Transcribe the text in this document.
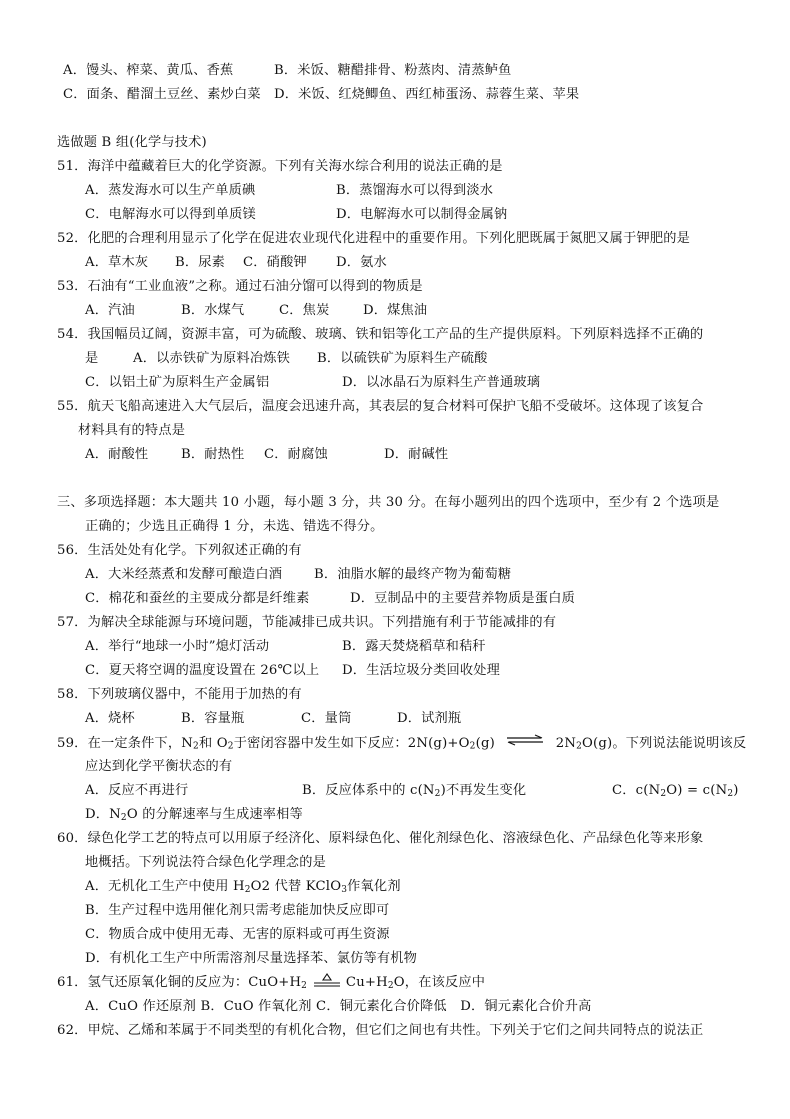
A．馒头、榨菜、黄瓜、香蕉	B．米饭、糖醋排骨、粉蒸肉、清蒸鲈鱼
C．面条、醋溜土豆丝、素炒白菜 D．米饭、红烧鲫鱼、西红柿蛋汤、蒜蓉生菜、苹果
选做题 B 组(化学与技术)
51．海洋中蕴藏着巨大的化学资源。下列有关海水综合利用的说法正确的是
A．蒸发海水可以生产单质碘	B．蒸馏海水可以得到淡水
C．电解海水可以得到单质镁	D．电解海水可以制得金属钠
52．化肥的合理利用显示了化学在促进农业现代化进程中的重要作用。下列化肥既属于氮肥又属于钾肥的是
A．草木灰 B．尿素 C．硝酸钾 D．氨水
53．石油有“工业血液”之称。通过石油分馏可以得到的物质是
A．汽油	B．水煤气	C．焦炭	D．煤焦油
54．我国幅员辽阔，资源丰富，可为硫酸、玻璃、铁和铝等化工产品的生产提供原料。下列原料选择不正确的
是	A．以赤铁矿为原料冶炼铁 B．以硫铁矿为原料生产硫酸
C．以铝土矿为原料生产金属铝	D．以冰晶石为原料生产普通玻璃
55．航天飞船高速进入大气层后，温度会迅速升高，其表层的复合材料可保护飞船不受破坏。这体现了该复合
材料具有的特点是
A．耐酸性 B．耐热性 C．耐腐蚀	D．耐碱性
三、多项选择题：本大题共 10 小题，每小题 3 分，共 30 分。在每小题列出的四个选项中，至少有 2 个选项是
正确的；少选且正确得 1 分，未选、错选不得分。
56．生活处处有化学。下列叙述正确的有
A．大米经蒸煮和发酵可酿造白酒 B．油脂水解的最终产物为葡萄糖
C．棉花和蚕丝的主要成分都是纤维素	D．豆制品中的主要营养物质是蛋白质
57．为解决全球能源与环境问题，节能减排已成共识。下列措施有利于节能减排的有
A．举行“地球一小时”熄灯活动	B．露天焚烧稻草和秸秆
C．夏天将空调的温度设置在 26℃以上 D．生活垃圾分类回收处理
58．下列玻璃仪器中，不能用于加热的有
A．烧杯	B．容量瓶	C．量筒	D．试剂瓶
59．在一定条件下，$N_2$和 $O_2$于密闭容器中发生如下反应：$2N(g)+O_2(g)$ ⇌ $2N_2O(g)$。下列说法能说明该反
应达到化学平衡状态的有
A．反应不再进行	B．反应体系中的 $c(N_2)$不再发生变化	C．$c(N_2O) = c(N_2)$
D．$N_2O$ 的分解速率与生成速率相等
60．绿色化学工艺的特点可以用原子经济化、原料绿色化、催化剂绿色化、溶液绿色化、产品绿色化等来形象
地概括。下列说法符合绿色化学理念的是
A．无机化工生产中使用 $H_2O2$ 代替 KClO$_3$作氧化剂
B．生产过程中选用催化剂只需考虑能加快反应即可
C．物质合成中使用无毒、无害的原料或可再生资源
D．有机化工生产中所需溶剂尽量选择苯、氯仿等有机物
61．氢气还原氧化铜的反应为：$CuO+H_2$	$Cu+H_2O$，在该反应中
A．CuO 作还原剂 B．CuO 作氧化剂 C．铜元素化合价降低　D．铜元素化合价升高
62．甲烷、乙烯和苯属于不同类型的有机化合物，但它们之间也有共性。下列关于它们之间共同特点的说法正
